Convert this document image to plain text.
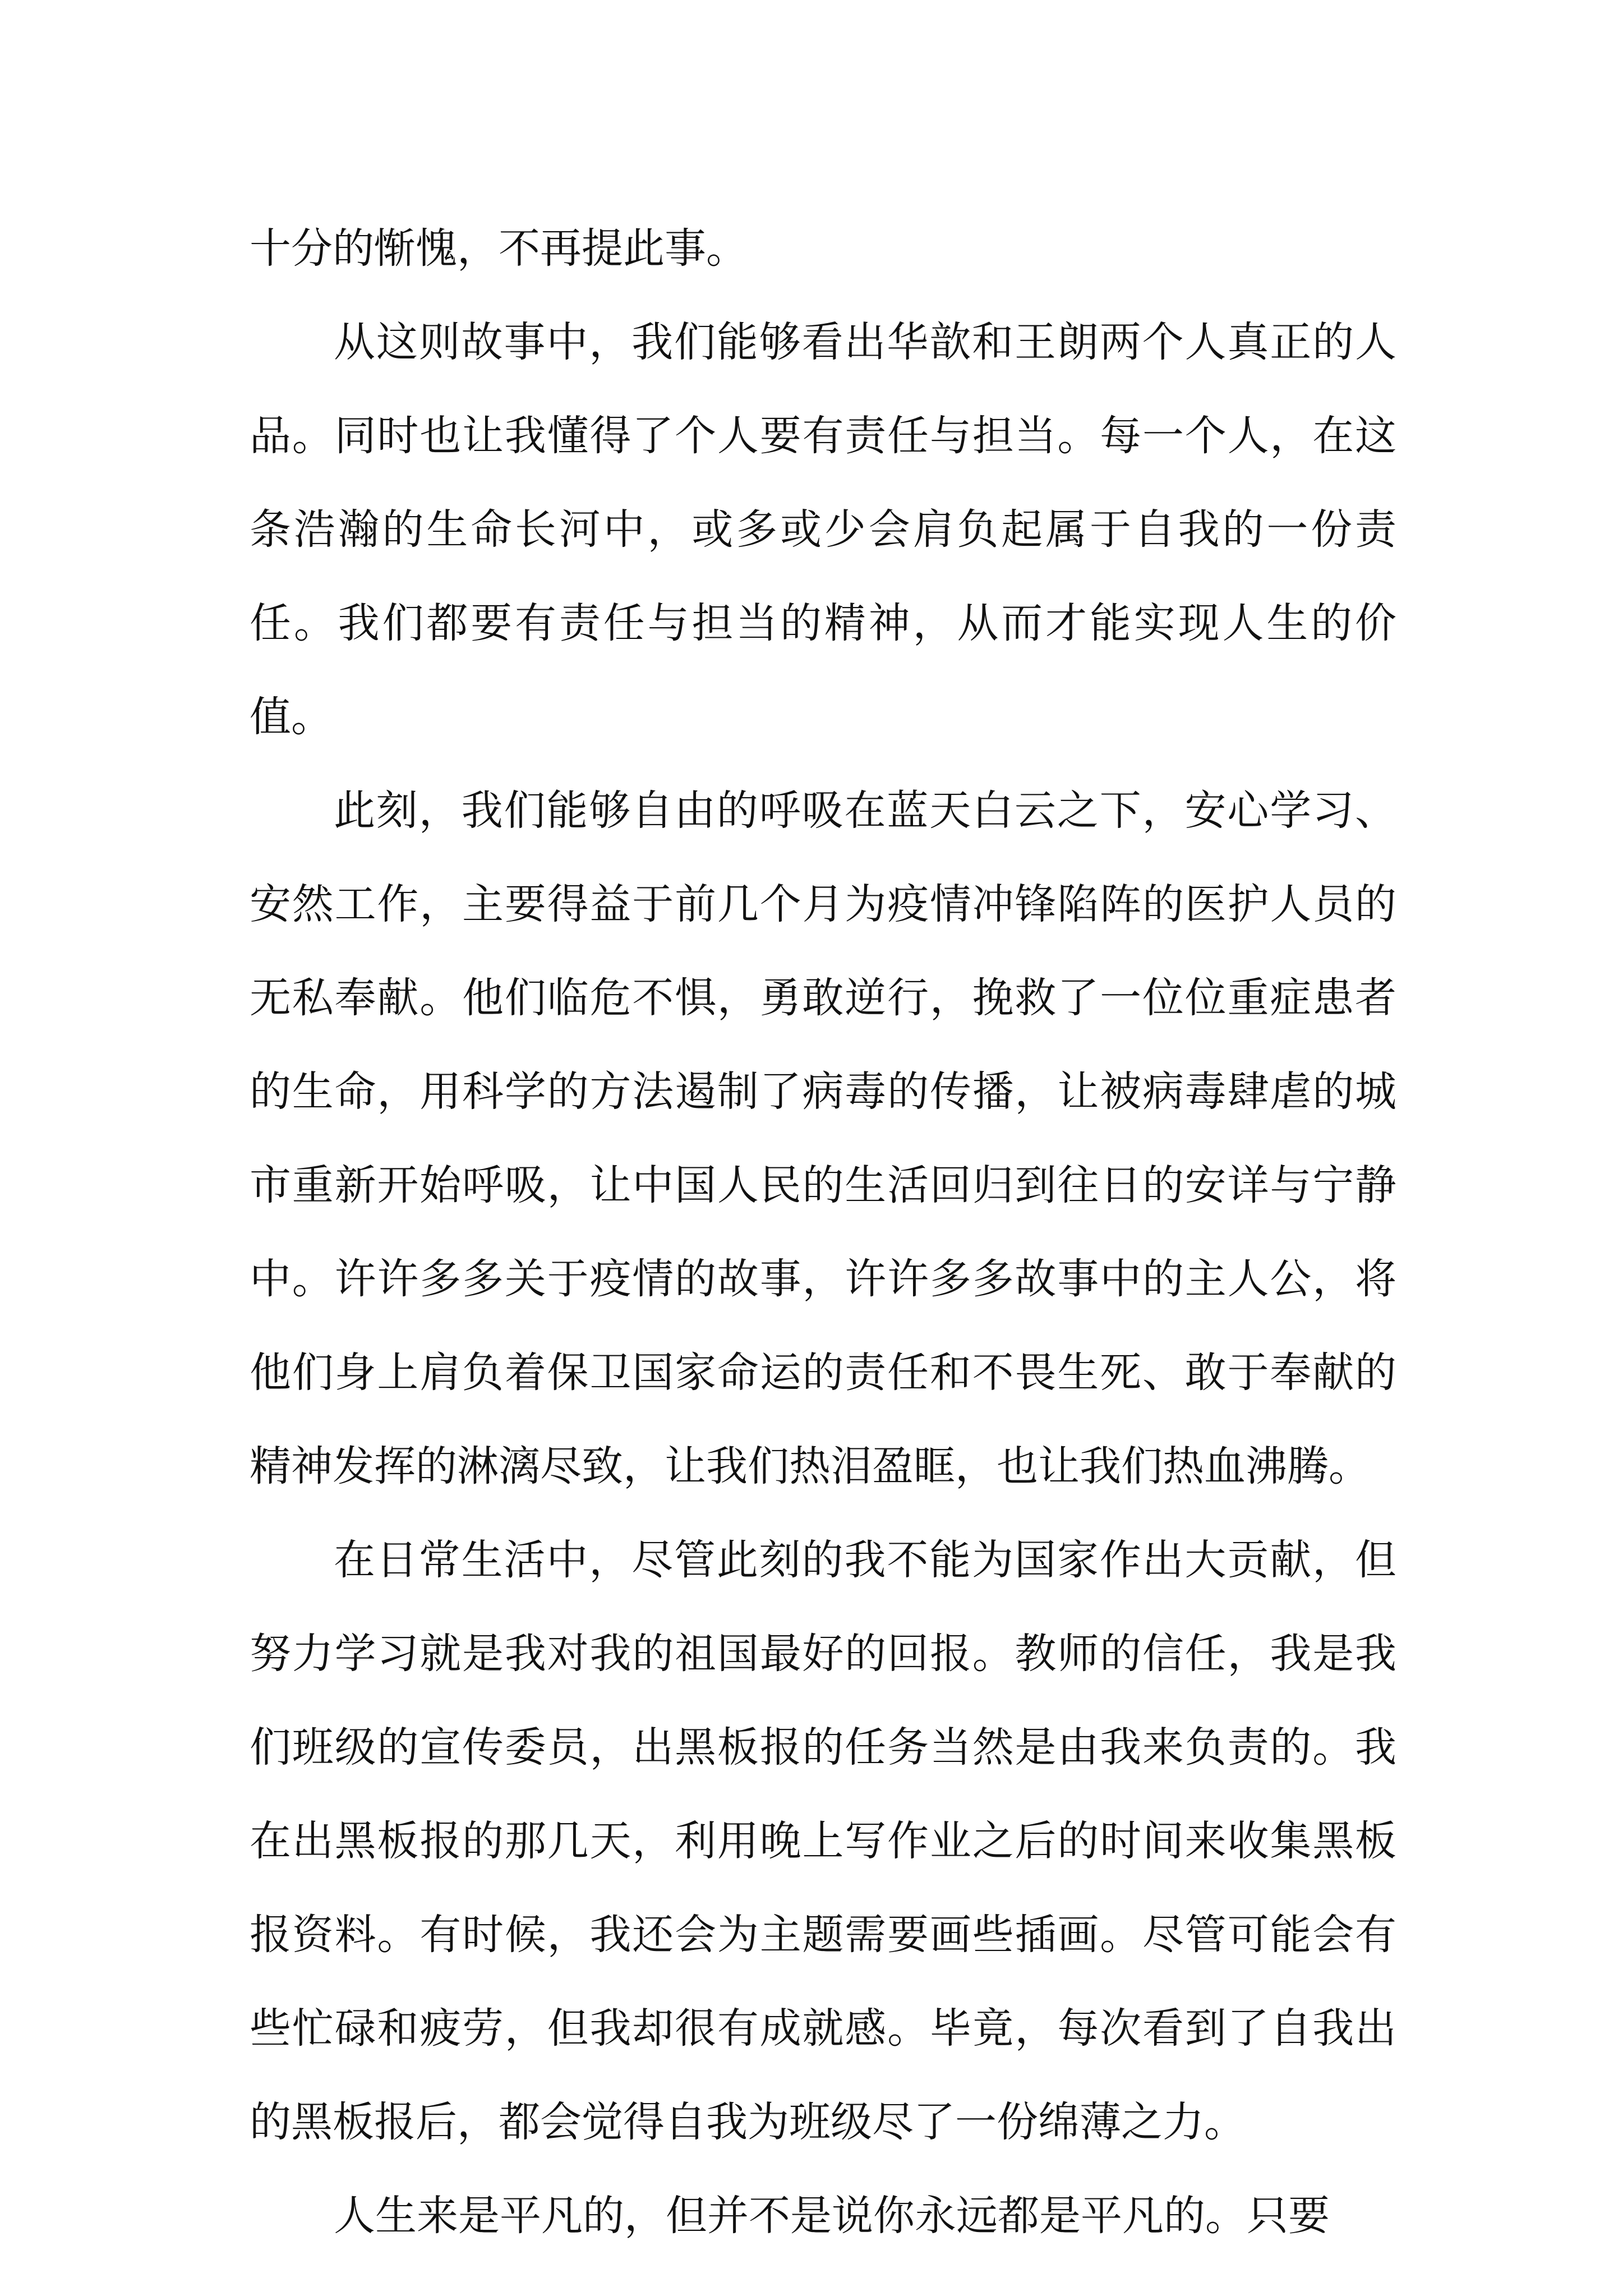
十分的惭愧，不再提此事。

从这则故事中，我们能够看出华歆和王朗两个人真正的人品。同时也让我懂得了个人要有责任与担当。每一个人，在这条浩瀚的生命长河中，或多或少会肩负起属于自我的一份责任。我们都要有责任与担当的精神，从而才能实现人生的价值。

此刻，我们能够自由的呼吸在蓝天白云之下，安心学习、安然工作，主要得益于前几个月为疫情冲锋陷阵的医护人员的无私奉献。他们临危不惧，勇敢逆行，挽救了一位位重症患者的生命，用科学的方法遏制了病毒的传播，让被病毒肆虐的城市重新开始呼吸，让中国人民的生活回归到往日的安详与宁静中。许许多多关于疫情的故事，许许多多故事中的主人公，将他们身上肩负着保卫国家命运的责任和不畏生死、敢于奉献的精神发挥的淋漓尽致，让我们热泪盈眶，也让我们热血沸腾。

在日常生活中，尽管此刻的我不能为国家作出大贡献，但努力学习就是我对我的祖国最好的回报。教师的信任，我是我们班级的宣传委员，出黑板报的任务当然是由我来负责的。我在出黑板报的那几天，利用晚上写作业之后的时间来收集黑板报资料。有时候，我还会为主题需要画些插画。尽管可能会有些忙碌和疲劳，但我却很有成就感。毕竟，每次看到了自我出的黑板报后，都会觉得自我为班级尽了一份绵薄之力。

人生来是平凡的，但并不是说你永远都是平凡的。只要
